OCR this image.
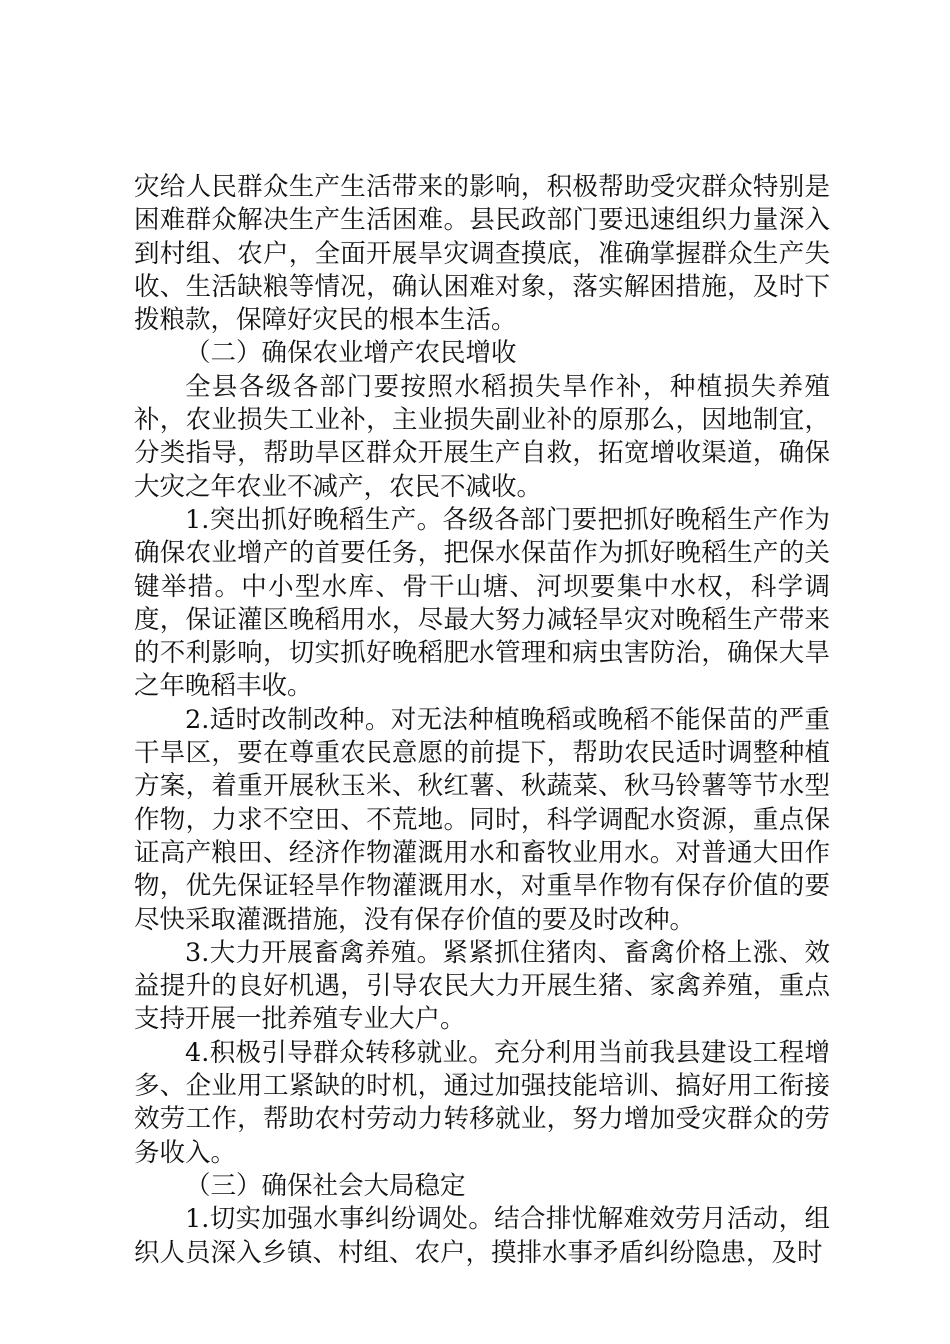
灾给人民群众生产生活带来的影响，积极帮助受灾群众特别是困难群众解决生产生活困难。县民政部门要迅速组织力量深入到村组、农户，全面开展旱灾调查摸底，准确掌握群众生产失收、生活缺粮等情况，确认困难对象，落实解困措施，及时下拨粮款，保障好灾民的根本生活。

（二）确保农业增产农民增收

全县各级各部门要按照水稻损失旱作补，种植损失养殖补，农业损失工业补，主业损失副业补的原那么，因地制宜，分类指导，帮助旱区群众开展生产自救，拓宽增收渠道，确保大灾之年农业不减产，农民不减收。

1.突出抓好晚稻生产。各级各部门要把抓好晚稻生产作为确保农业增产的首要任务，把保水保苗作为抓好晚稻生产的关键举措。中小型水库、骨干山塘、河坝要集中水权，科学调度，保证灌区晚稻用水，尽最大努力减轻旱灾对晚稻生产带来的不利影响，切实抓好晚稻肥水管理和病虫害防治，确保大旱之年晚稻丰收。

2.适时改制改种。对无法种植晚稻或晚稻不能保苗的严重干旱区，要在尊重农民意愿的前提下，帮助农民适时调整种植方案，着重开展秋玉米、秋红薯、秋蔬菜、秋马铃薯等节水型作物，力求不空田、不荒地。同时，科学调配水资源，重点保证高产粮田、经济作物灌溉用水和畜牧业用水。对普通大田作物，优先保证轻旱作物灌溉用水，对重旱作物有保存价值的要尽快采取灌溉措施，没有保存价值的要及时改种。

3.大力开展畜禽养殖。紧紧抓住猪肉、畜禽价格上涨、效益提升的良好机遇，引导农民大力开展生猪、家禽养殖，重点支持开展一批养殖专业大户。

4.积极引导群众转移就业。充分利用当前我县建设工程增多、企业用工紧缺的时机，通过加强技能培训、搞好用工衔接效劳工作，帮助农村劳动力转移就业，努力增加受灾群众的劳务收入。

（三）确保社会大局稳定

1.切实加强水事纠纷调处。结合排忧解难效劳月活动，组织人员深入乡镇、村组、农户，摸排水事矛盾纠纷隐患，及时
